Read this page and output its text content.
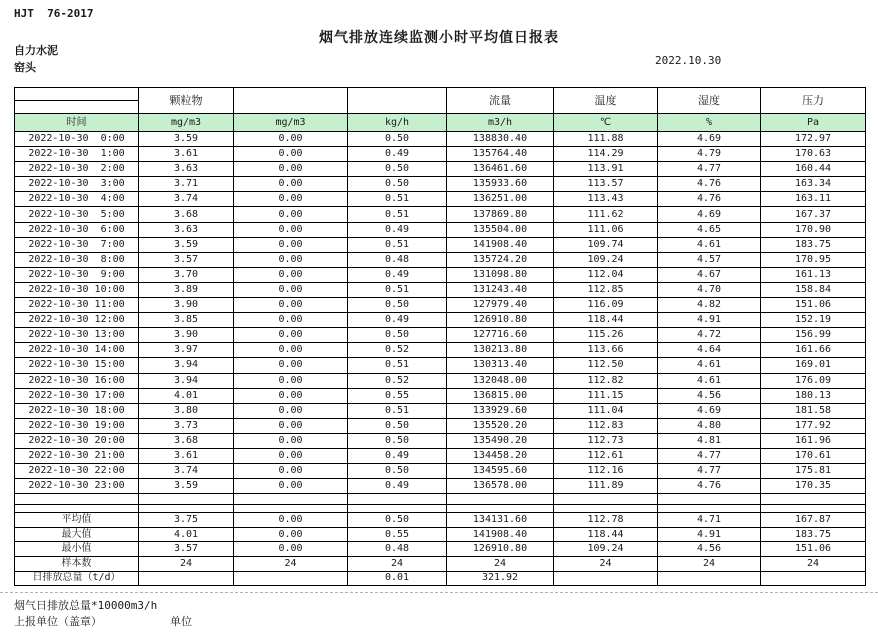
HJT  76-2017
烟气排放连续监测小时平均值日报表
自力水泥
窑头
2022.10.30
	颗粒物			流量	温度	湿度	压力
时间	mg/m3	mg/m3	kg/h	m3/h	℃	%	Pa
2022-10-30  0:00	3.59	0.00	0.50	138830.40	111.88	4.69	172.97
2022-10-30  1:00	3.61	0.00	0.49	135764.40	114.29	4.79	170.63
2022-10-30  2:00	3.63	0.00	0.50	136461.60	113.91	4.77	160.44
2022-10-30  3:00	3.71	0.00	0.50	135933.60	113.57	4.76	163.34
2022-10-30  4:00	3.74	0.00	0.51	136251.00	113.43	4.76	163.11
2022-10-30  5:00	3.68	0.00	0.51	137869.80	111.62	4.69	167.37
2022-10-30  6:00	3.63	0.00	0.49	135504.00	111.06	4.65	170.90
2022-10-30  7:00	3.59	0.00	0.51	141908.40	109.74	4.61	183.75
2022-10-30  8:00	3.57	0.00	0.48	135724.20	109.24	4.57	170.95
2022-10-30  9:00	3.70	0.00	0.49	131098.80	112.04	4.67	161.13
2022-10-30 10:00	3.89	0.00	0.51	131243.40	112.85	4.70	158.84
2022-10-30 11:00	3.90	0.00	0.50	127979.40	116.09	4.82	151.06
2022-10-30 12:00	3.85	0.00	0.49	126910.80	118.44	4.91	152.19
2022-10-30 13:00	3.90	0.00	0.50	127716.60	115.26	4.72	156.99
2022-10-30 14:00	3.97	0.00	0.52	130213.80	113.66	4.64	161.66
2022-10-30 15:00	3.94	0.00	0.51	130313.40	112.50	4.61	169.01
2022-10-30 16:00	3.94	0.00	0.52	132048.00	112.82	4.61	176.09
2022-10-30 17:00	4.01	0.00	0.55	136815.00	111.15	4.56	180.13
2022-10-30 18:00	3.80	0.00	0.51	133929.60	111.04	4.69	181.58
2022-10-30 19:00	3.73	0.00	0.50	135520.20	112.83	4.80	177.92
2022-10-30 20:00	3.68	0.00	0.50	135490.20	112.73	4.81	161.96
2022-10-30 21:00	3.61	0.00	0.49	134458.20	112.61	4.77	170.61
2022-10-30 22:00	3.74	0.00	0.50	134595.60	112.16	4.77	175.81
2022-10-30 23:00	3.59	0.00	0.49	136578.00	111.89	4.76	170.35

平均值	3.75	0.00	0.50	134131.60	112.78	4.71	167.87
最大值	4.01	0.00	0.55	141908.40	118.44	4.91	183.75
最小值	3.57	0.00	0.48	126910.80	109.24	4.56	151.06
样本数	24	24	24	24	24	24	24
日排放总量（t/d）			0.01	321.92			
烟气日排放总量*10000m3/h
上报单位（盖章）	单位
